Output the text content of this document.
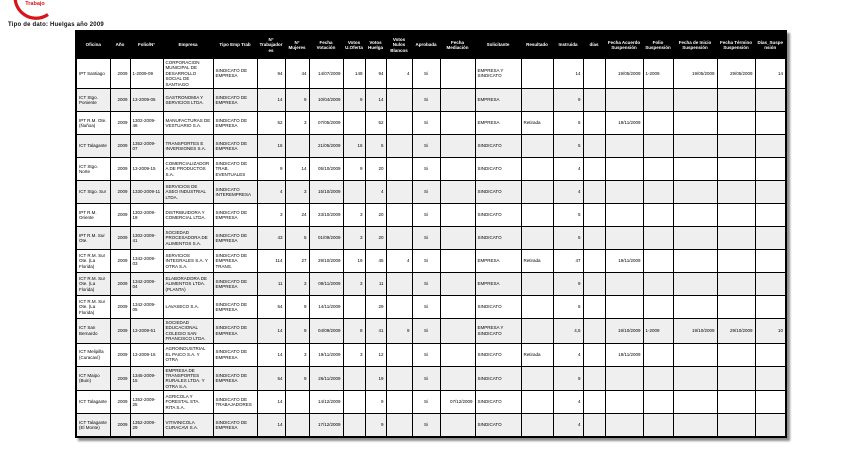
Trabajo
Tipo de dato: Huelgas año 2009
Oficina	Año	Folio/N°	Empresa	Tipo Emp Trab	N° Trabajadores	N° Mujeres	Fecha Votación	Votos U.Oferta	Votos Huelga	Votos Nulos Blancos	Aprobada	Fecha Mediación	Solicitante	Resultado	Instruida	días	Fecha Acuerdo Suspensión	Folio Suspensión	Fecha de Inicio Suspensión	Fecha Término Suspensión	Días_Suspensión
IPT Santiago	2009	1-2009-09	CORPORACION MUNICIPAL DE DESARROLLO SOCIAL DE SANTIAGO	SINDICATO DE EMPRESA	94	44	14/07/2009	149	94	4	Si		EMPRESA Y SINDICATO		14		19/05/2009	1-2009	19/05/2009	29/05/2009	14
ICT Stgo. Poniente	2009	13-2009-05	GASTRONOMIA Y SERVICIOS LTDA.	SINDICATO DE EMPRESA	14	9	10/04/2009	9	14		Si		EMPRESA		9						
IPT R.M. Ote. (Ñuñoa)	2009	1302-2009-46	MANUFACTURAS DE VESTUARIO S.A.	SINDICATO DE EMPRESA	52	3	07/05/2009		52		Si		EMPRESA	Retirada	5		19/11/2009				
ICT Talagante	2009	1352-2009-07	TRANSPORTES E INVERSIONES S.A.	SINDICATO DE EMPRESA	16		21/05/2009	16	5		Si		SINDICATO		5						
ICT Stgo. Norte	2009	13-2009-15	COMERCIALIZADORA DE PRODUCTOS S.A.	SINDICATO DE TRAB. EVENTUALES	9	14	05/10/2009	9	20		Si		SINDICATO		4						
ICT Stgo. Sur	2009	1330-2009-11	SERVICIOS DE ASEO INDUSTRIAL LTDA.	SINDICATO INTEREMPRESA	4	3	15/10/2009		4		Si		SINDICATO		4						
IPT R.M. Oriente	2009	1302-2009-19	DISTRIBUIDORA Y COMERCIAL LTDA.	SINDICATO DE EMPRESA	3	24	23/10/2009	3	20		Si		SINDICATO		5						
IPT R.M. Sur Ote.	2009	1302-2009-41	SOCIEDAD PROCESADORA DE ALIMENTOS S.A.	SINDICATO DE EMPRESA	43	5	01/09/2009	3	20		Si		SINDICATO		5						
ICT R.M. Sur Ote. (La Florida)	2009	1342-2009-03	SERVICIOS INTEGRALES S.A. Y OTRA S.A.	SINDICATO DE EMPRESA TRANS.	114	27	29/10/2009	19	45	4	Si		EMPRESA	Retirada	47		19/11/2009				
ICT R.M. Sur Ote. (La Florida)	2009	1342-2009-04	ELABORADORA DE ALIMENTOS LTDA. (PLANTA)	SINDICATO DE EMPRESA	11	3	09/11/2009	3	11		Si		EMPRESA		9						
ICT R.M. Sur Ote. (La Florida)	2009	1342-2009-05	LAVASECO S.A.	SINDICATO DE EMPRESA	54	9	14/11/2009		29		Si		SINDICATO		5						
ICT San Bernardo	2009	13-2009-51	SOCIEDAD EDUCACIONAL COLEGIO SAN FRANCISCO LTDA.	SINDICATO DE EMPRESA	14	9	04/09/2009	8	41	9	Si		EMPRESA Y SINDICATO		4,5		19/10/2009	1-2009	19/10/2009	29/10/2009	10
ICT Melipilla (Curacaví)	2009	13-2009-15	AGROINDUSTRIAL EL PAICO S.A. Y OTRA	SINDICATO DE EMPRESA	14	3	19/11/2009	3	12		Si		SINDICATO	Retirada	4		19/11/2009				
ICT Maipo (Buin)	2009	1345-2009-15	EMPRESA DE TRANSPORTES RURALES LTDA. Y OTRA S.A.	SINDICATO DE EMPRESA	54	9	26/11/2009		19		Si		SINDICATO		9						
ICT Talagante	2009	1352-2009-25	AGRICOLA Y FORESTAL STA. RITA S.A.	SINDICATO DE TRABAJADORES	14		14/12/2009		9		Si	07/12/2009	SINDICATO		4						
ICT Talagante (El Monte)	2009	1352-2009-29	VITIVINICOLA CURACAVI S.A.	SINDICATO DE EMPRESA	14		17/12/2009		9		Si		SINDICATO		4						
